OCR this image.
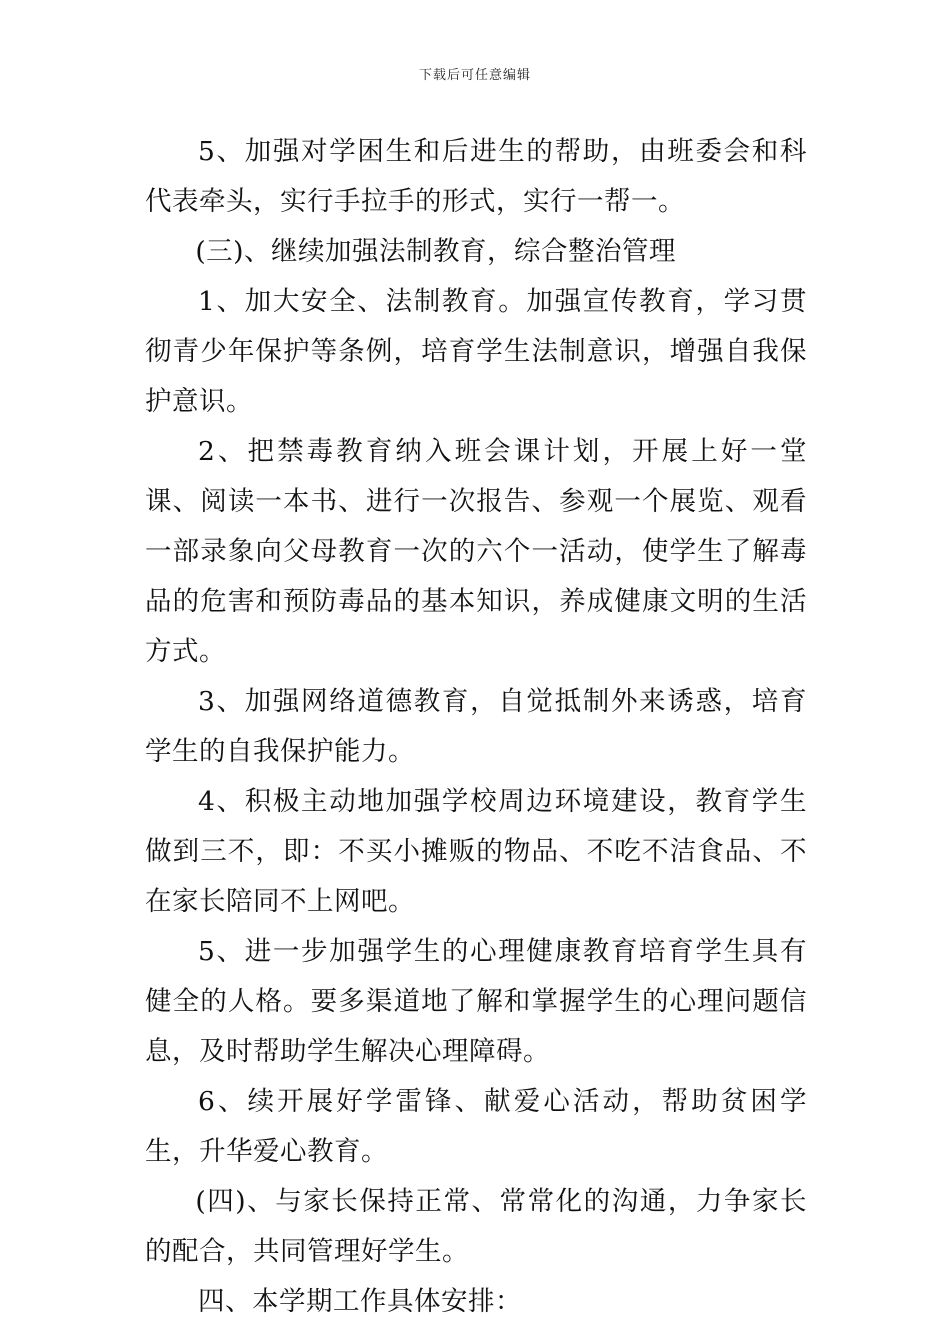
下载后可任意编辑

5、加强对学困生和后进生的帮助，由班委会和科代表牵头，实行手拉手的形式，实行一帮一。

(三)、继续加强法制教育，综合整治管理

1、加大安全、法制教育。加强宣传教育，学习贯彻青少年保护等条例，培育学生法制意识，增强自我保护意识。

2、把禁毒教育纳入班会课计划，开展上好一堂课、阅读一本书、进行一次报告、参观一个展览、观看一部录象向父母教育一次的六个一活动，使学生了解毒品的危害和预防毒品的基本知识，养成健康文明的生活方式。

3、加强网络道德教育，自觉抵制外来诱惑，培育学生的自我保护能力。

4、积极主动地加强学校周边环境建设，教育学生做到三不，即：不买小摊贩的物品、不吃不洁食品、不在家长陪同不上网吧。

5、进一步加强学生的心理健康教育培育学生具有健全的人格。要多渠道地了解和掌握学生的心理问题信息，及时帮助学生解决心理障碍。

6、续开展好学雷锋、献爱心活动，帮助贫困学生，升华爱心教育。

(四)、与家长保持正常、常常化的沟通，力争家长的配合，共同管理好学生。

四、本学期工作具体安排：
